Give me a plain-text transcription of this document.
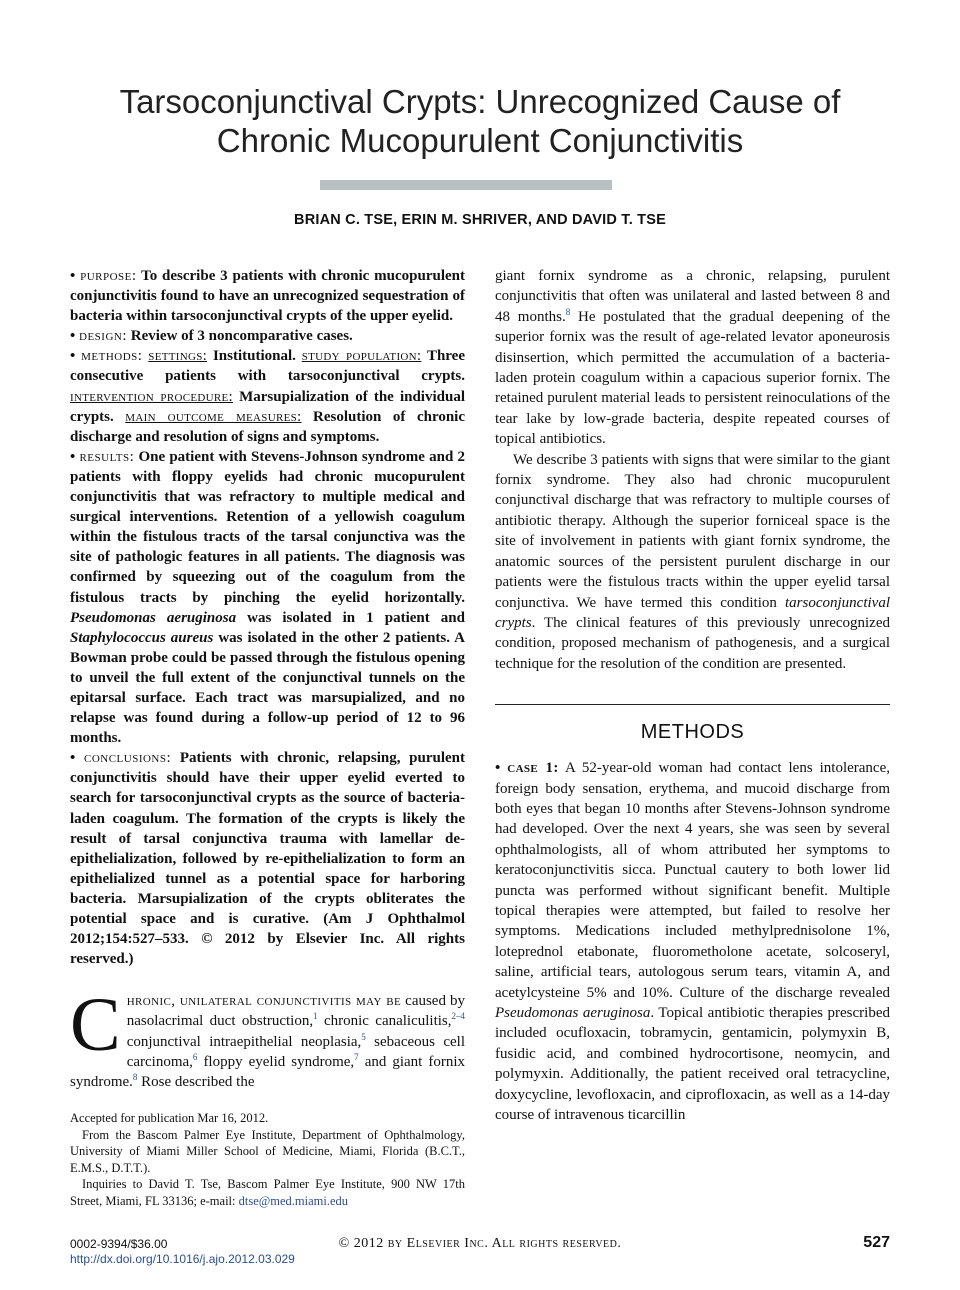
Tarsoconjunctival Crypts: Unrecognized Cause of
Chronic Mucopurulent Conjunctivitis
BRIAN C. TSE, ERIN M. SHRIVER, AND DAVID T. TSE

• purpose: To describe 3 patients with chronic mucopurulent conjunctivitis found to have an unrecognized sequestration of bacteria within tarsoconjunctival crypts of the upper eyelid.

• design: Review of 3 noncomparative cases.

• methods: settings: Institutional. study population: Three consecutive patients with tarsoconjunctival crypts. intervention procedure: Marsupialization of the individual crypts. main outcome measures: Resolution of chronic discharge and resolution of signs and symptoms.

• results: One patient with Stevens-Johnson syndrome and 2 patients with floppy eyelids had chronic mucopurulent conjunctivitis that was refractory to multiple medical and surgical interventions. Retention of a yellowish coagulum within the fistulous tracts of the tarsal conjunctiva was the site of pathologic features in all patients. The diagnosis was confirmed by squeezing out of the coagulum from the fistulous tracts by pinching the eyelid horizontally. Pseudomonas aeruginosa was isolated in 1 patient and Staphylococcus aureus was isolated in the other 2 patients. A Bowman probe could be passed through the fistulous opening to unveil the full extent of the conjunctival tunnels on the epitarsal surface. Each tract was marsupialized, and no relapse was found during a follow-up period of 12 to 96 months.

• conclusions: Patients with chronic, relapsing, purulent conjunctivitis should have their upper eyelid everted to search for tarsoconjunctival crypts as the source of bacteria-laden coagulum. The formation of the crypts is likely the result of tarsal conjunctiva trauma with lamellar de-epithelialization, followed by re-epithelialization to form an epithelialized tunnel as a potential space for harboring bacteria. Marsupialization of the crypts obliterates the potential space and is curative. (Am J Ophthalmol 2012;154:527–533. © 2012 by Elsevier Inc. All rights reserved.)

Chronic, unilateral conjunctivitis may be caused by nasolacrimal duct obstruction,$^1$ chronic canaliculitis,$^{2-4}$ conjunctival intraepithelial neoplasia,$^5$ sebaceous cell carcinoma,$^6$ floppy eyelid syndrome,$^7$ and giant fornix syndrome.$^8$ Rose described the

Accepted for publication Mar 16, 2012.

From the Bascom Palmer Eye Institute, Department of Ophthalmology, University of Miami Miller School of Medicine, Miami, Florida (B.C.T., E.M.S., D.T.T.).

Inquiries to David T. Tse, Bascom Palmer Eye Institute, 900 NW 17th Street, Miami, FL 33136; e-mail: dtse@med.miami.edu

giant fornix syndrome as a chronic, relapsing, purulent conjunctivitis that often was unilateral and lasted between 8 and 48 months.$^8$ He postulated that the gradual deepening of the superior fornix was the result of age-related levator aponeurosis disinsertion, which permitted the accumulation of a bacteria-laden protein coagulum within a capacious superior fornix. The retained purulent material leads to persistent reinoculations of the tear lake by low-grade bacteria, despite repeated courses of topical antibiotics.

We describe 3 patients with signs that were similar to the giant fornix syndrome. They also had chronic mucopurulent conjunctival discharge that was refractory to multiple courses of antibiotic therapy. Although the superior forniceal space is the site of involvement in patients with giant fornix syndrome, the anatomic sources of the persistent purulent discharge in our patients were the fistulous tracts within the upper eyelid tarsal conjunctiva. We have termed this condition tarsoconjunctival crypts. The clinical features of this previously unrecognized condition, proposed mechanism of pathogenesis, and a surgical technique for the resolution of the condition are presented.

METHODS

• case 1: A 52-year-old woman had contact lens intolerance, foreign body sensation, erythema, and mucoid discharge from both eyes that began 10 months after Stevens-Johnson syndrome had developed. Over the next 4 years, she was seen by several ophthalmologists, all of whom attributed her symptoms to keratoconjunctivitis sicca. Punctual cautery to both lower lid puncta was performed without significant benefit. Multiple topical therapies were attempted, but failed to resolve her symptoms. Medications included methylprednisolone 1%, loteprednol etabonate, fluorometholone acetate, solcoseryl, saline, artificial tears, autologous serum tears, vitamin A, and acetylcysteine 5% and 10%. Culture of the discharge revealed Pseudomonas aeruginosa. Topical antibiotic therapies prescribed included ocufloxacin, tobramycin, gentamicin, polymyxin B, fusidic acid, and combined hydrocortisone, neomycin, and polymyxin. Additionally, the patient received oral tetracycline, doxycycline, levofloxacin, and ciprofloxacin, as well as a 14-day course of intravenous ticarcillin

0002-9394/$36.00
http://dx.doi.org/10.1016/j.ajo.2012.03.029
© 2012 by Elsevier Inc. All rights reserved.	527
